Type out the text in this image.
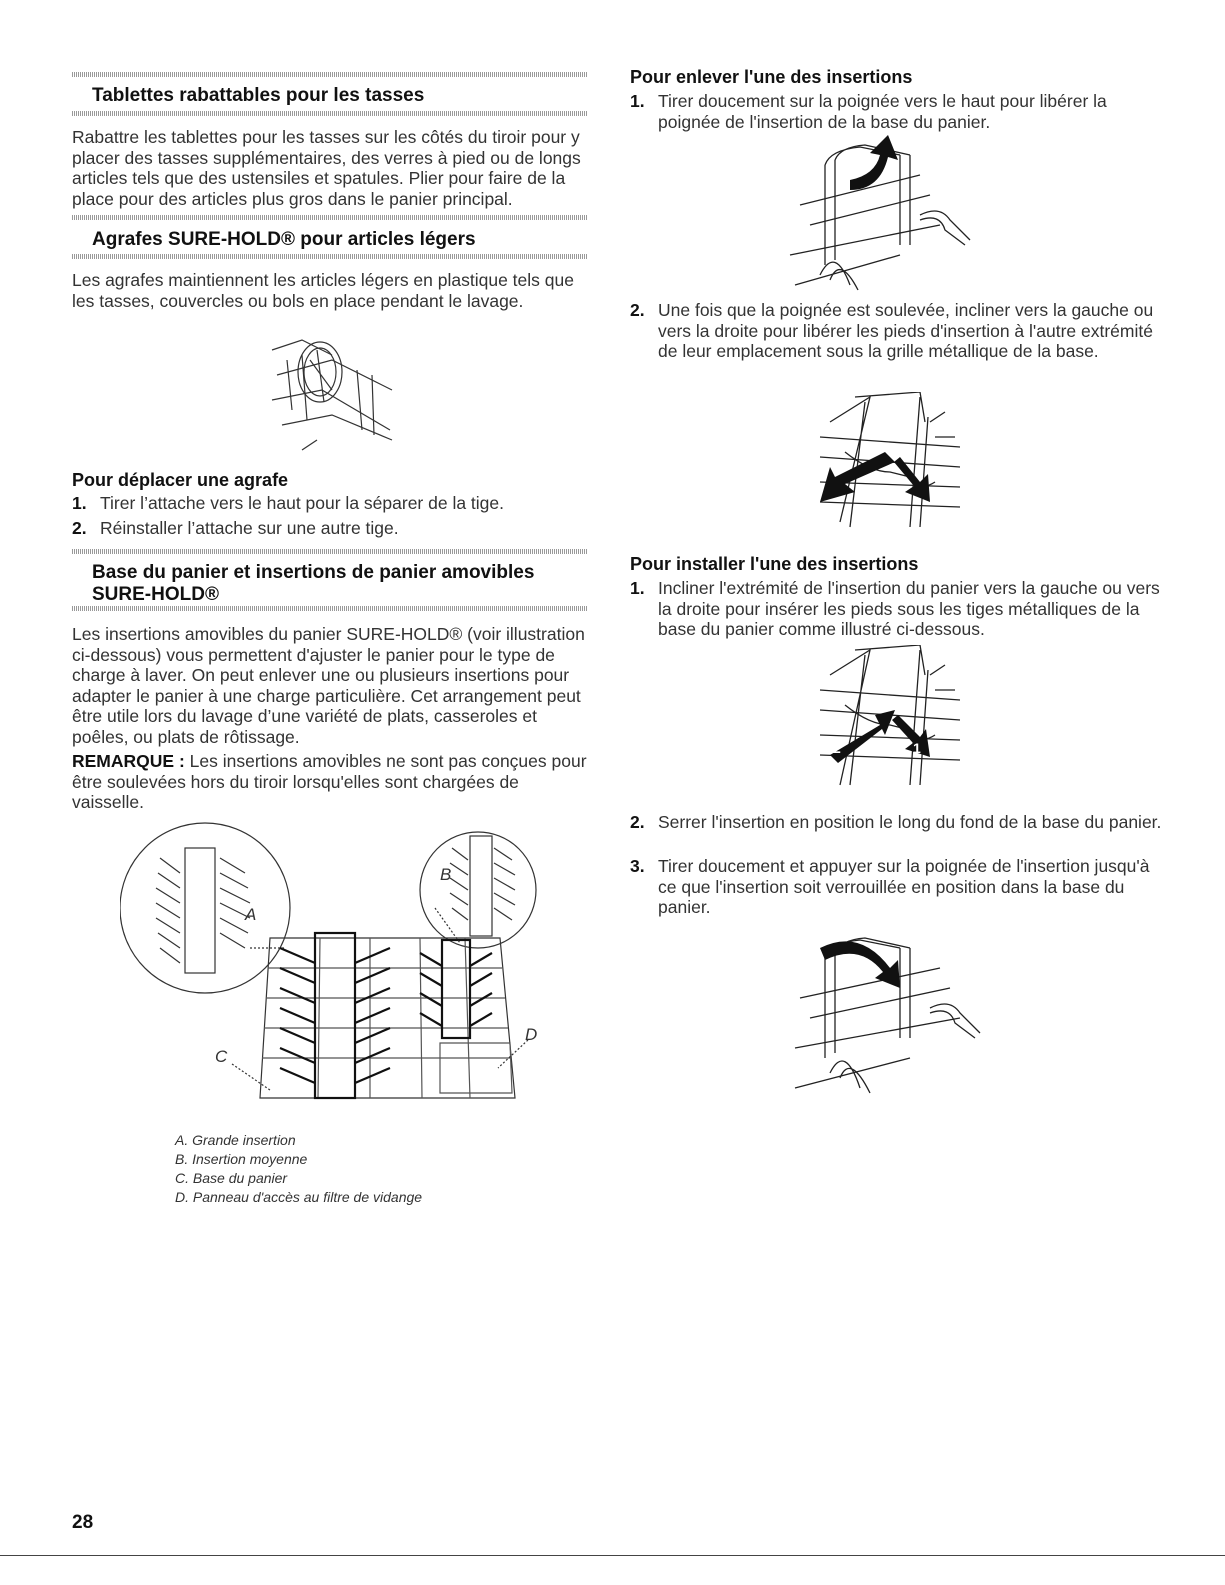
Tablettes rabattables pour les tasses

Rabattre les tablettes pour les tasses sur les côtés du tiroir pour y placer des tasses supplémentaires, des verres à pied ou de longs articles tels que des ustensiles et spatules. Plier pour faire de la place pour des articles plus gros dans le panier principal.

Agrafes SURE-HOLD® pour articles légers

Les agrafes maintiennent les articles légers en plastique tels que les tasses, couvercles ou bols en place pendant le lavage.

Pour déplacer une agrafe
1. Tirer l’attache vers le haut pour la séparer de la tige.
2. Réinstaller l’attache sur une autre tige.
Base du panier et insertions de panier amovibles
SURE-HOLD®

Les insertions amovibles du panier SURE-HOLD® (voir illustration ci-dessous) vous permettent d'ajuster le panier pour le type de charge à laver. On peut enlever une ou plusieurs insertions pour adapter le panier à une charge particulière. Cet arrangement peut être utile lors du lavage d’une variété de plats, casseroles et poêles, ou plats de rôtissage.

REMARQUE : Les insertions amovibles ne sont pas conçues pour être soulevées hors du tiroir lorsqu'elles sont chargées de vaisselle.

A
B
C
D
A. Grande insertion
B. Insertion moyenne
C. Base du panier
D. Panneau d'accès au filtre de vidange
Pour enlever l'une des insertions
1. Tirer doucement sur la poignée vers le haut pour libérer la poignée de l'insertion de la base du panier.
2. Une fois que la poignée est soulevée, incliner vers la gauche ou vers la droite pour libérer les pieds d'insertion à l'autre extrémité de leur emplacement sous la grille métallique de la base.
Pour installer l'une des insertions
1. Incliner l'extrémité de l'insertion du panier vers la gauche ou vers la droite pour insérer les pieds sous les tiges métalliques de la base du panier comme illustré ci-dessous.
2	1
2. Serrer l'insertion en position le long du fond de la base du panier.
3. Tirer doucement et appuyer sur la poignée de l'insertion jusqu'à ce que l'insertion soit verrouillée en position dans la base du panier.
28
